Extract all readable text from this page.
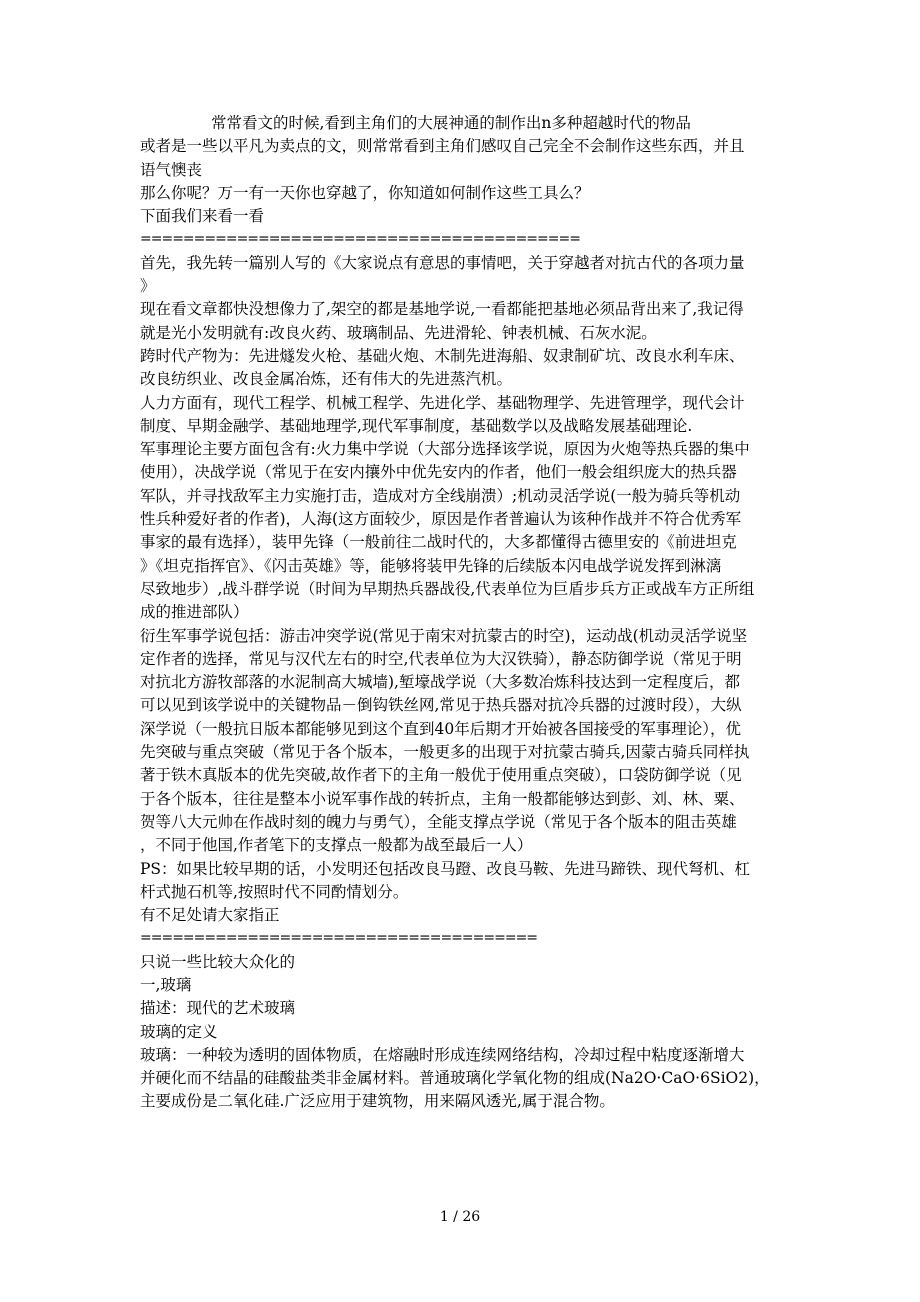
常常看文的时候,看到主角们的大展神通的制作出n多种超越时代的物品

或者是一些以平凡为卖点的文，则常常看到主角们感叹自己完全不会制作这些东西，并且

语气懊丧

那么你呢？万一有一天你也穿越了，你知道如何制作这些工具么？

下面我们来看一看

=========================================

首先，我先转一篇别人写的《大家说点有意思的事情吧，关于穿越者对抗古代的各项力量

》

现在看文章都快没想像力了,架空的都是基地学说,一看都能把基地必须品背出来了,我记得

就是光小发明就有:改良火药、玻璃制品、先进滑轮、钟表机械、石灰水泥。

跨时代产物为：先进燧发火枪、基础火炮、木制先进海船、奴隶制矿坑、改良水利车床、

改良纺织业、改良金属冶炼，还有伟大的先进蒸汽机。

人力方面有，现代工程学、机械工程学、先进化学、基础物理学、先进管理学，现代会计

制度、早期金融学、基础地理学,现代军事制度，基础数学以及战略发展基础理论.

军事理论主要方面包含有:火力集中学说（大部分选择该学说，原因为火炮等热兵器的集中

使用），决战学说（常见于在安内攘外中优先安内的作者，他们一般会组织庞大的热兵器

军队，并寻找敌军主力实施打击，造成对方全线崩溃）;机动灵活学说(一般为骑兵等机动

性兵种爱好者的作者)，人海(这方面较少，原因是作者普遍认为该种作战并不符合优秀军

事家的最有选择），装甲先锋（一般前往二战时代的，大多都懂得古德里安的《前进坦克

》《坦克指挥官》、《闪击英雄》等，能够将装甲先锋的后续版本闪电战学说发挥到淋漓

尽致地步）,战斗群学说（时间为早期热兵器战役,代表单位为巨盾步兵方正或战车方正所组

成的推进部队）

衍生军事学说包括：游击冲突学说(常见于南宋对抗蒙古的时空)，运动战(机动灵活学说坚

定作者的选择，常见与汉代左右的时空,代表单位为大汉铁骑），静态防御学说（常见于明

对抗北方游牧部落的水泥制高大城墙),堑壕战学说（大多数冶炼科技达到一定程度后，都

可以见到该学说中的关键物品－倒钩铁丝网,常见于热兵器对抗冷兵器的过渡时段），大纵

深学说（一般抗日版本都能够见到这个直到40年后期才开始被各国接受的军事理论），优

先突破与重点突破（常见于各个版本，一般更多的出现于对抗蒙古骑兵,因蒙古骑兵同样执

著于铁木真版本的优先突破,故作者下的主角一般优于使用重点突破），口袋防御学说（见

于各个版本，往往是整本小说军事作战的转折点，主角一般都能够达到彭、刘、林、粟、

贺等八大元帅在作战时刻的魄力与勇气），全能支撑点学说（常见于各个版本的阻击英雄

，不同于他国,作者笔下的支撑点一般都为战至最后一人）

PS：如果比较早期的话，小发明还包括改良马蹬、改良马鞍、先进马蹄铁、现代弩机、杠

杆式抛石机等,按照时代不同酌情划分。

有不足处请大家指正

=====================================

只说一些比较大众化的

一,玻璃

描述：现代的艺术玻璃

玻璃的定义

玻璃：一种较为透明的固体物质，在熔融时形成连续网络结构，冷却过程中粘度逐渐增大

并硬化而不结晶的硅酸盐类非金属材料。普通玻璃化学氧化物的组成(Na2O·CaO·6SiO2)，

主要成份是二氧化硅.广泛应用于建筑物，用来隔风透光,属于混合物。

1 / 26
